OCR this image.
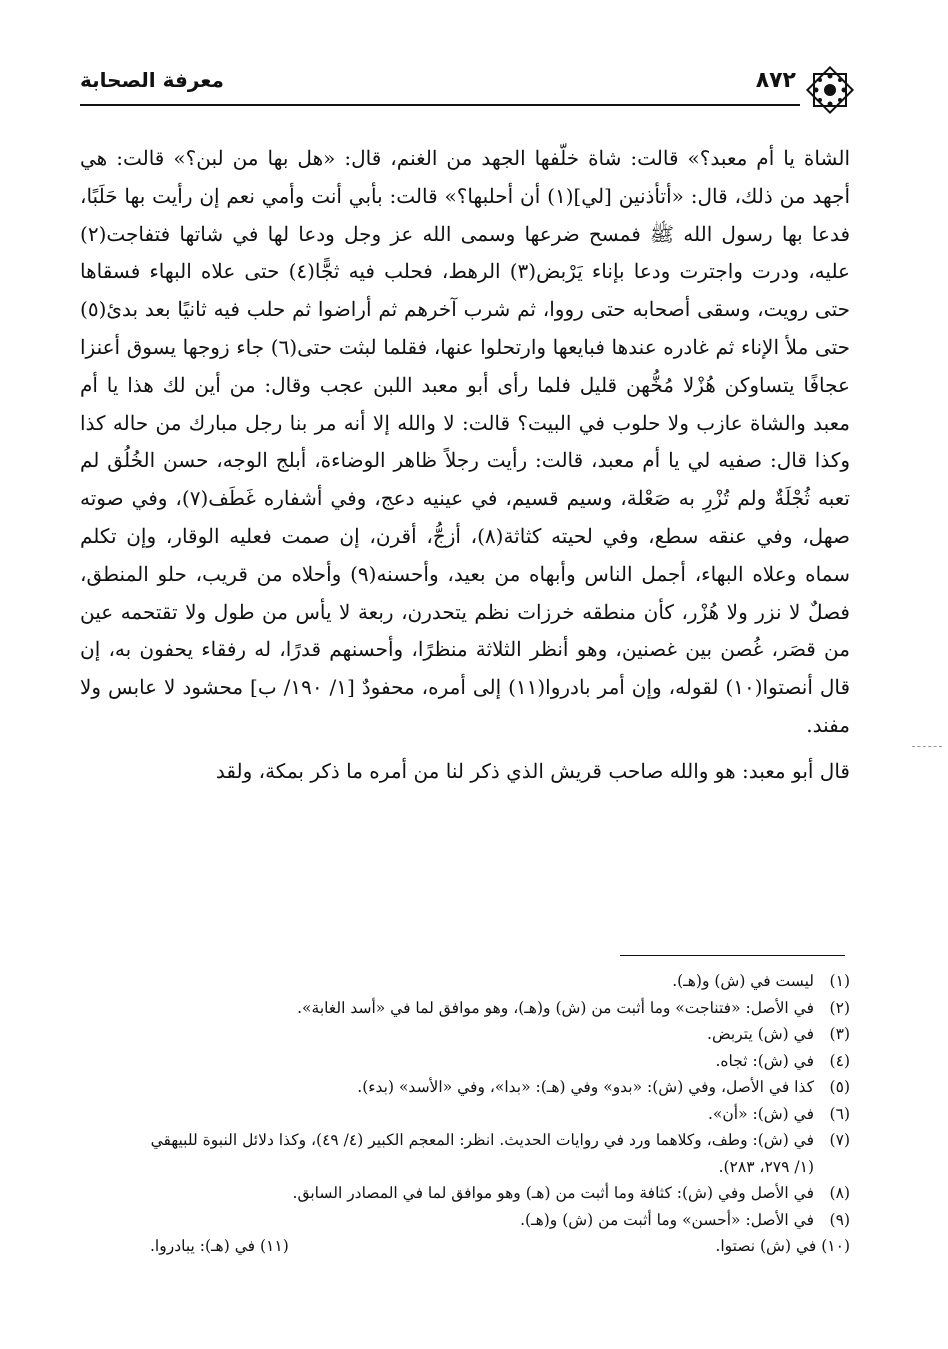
معرفة الصحابة	٨٧٢

الشاة يا أم معبد؟» قالت: شاة خلّفها الجهد من الغنم، قال: «هل بها من لبن؟» قالت: هي أجهد من ذلك، قال: «أتأذنين [لي](١) أن أحلبها؟» قالت: بأبي أنت وأمي نعم إن رأيت بها حَلَبًا، فدعا بها رسول الله ﷺ فمسح ضرعها وسمى الله عز وجل ودعا لها في شاتها فتفاجت(٢) عليه، ودرت واجترت ودعا بإناء يَرْبض(٣) الرهط، فحلب فيه ثجًّا(٤) حتى علاه البهاء فسقاها حتى رويت، وسقى أصحابه حتى رووا، ثم شرب آخرهم ثم أراضوا ثم حلب فيه ثانيًا بعد بدئ(٥) حتى ملأ الإناء ثم غادره عندها فبايعها وارتحلوا عنها، فقلما لبثت حتى(٦) جاء زوجها يسوق أعنزا عجافًا يتساوكن هُزْلا مُخُّهن قليل فلما رأى أبو معبد اللبن عجب وقال: من أين لك هذا يا أم معبد والشاة عازب ولا حلوب في البيت؟ قالت: لا والله إلا أنه مر بنا رجل مبارك من حاله كذا وكذا قال: صفيه لي يا أم معبد، قالت: رأيت رجلاً ظاهر الوضاءة، أبلج الوجه، حسن الخُلُق لم تعبه ثُجْلَةٌ ولم تُزْرِ به صَعْلة، وسيم قسيم، في عينيه دعج، وفي أشفاره غَطَف(٧)، وفي صوته صهل، وفي عنقه سطع، وفي لحيته كثاثة(٨)، أزجُّ، أقرن، إن صمت فعليه الوقار، وإن تكلم سماه وعلاه البهاء، أجمل الناس وأبهاه من بعيد، وأحسنه(٩) وأحلاه من قريب، حلو المنطق، فصلٌ لا نزر ولا هُزْر، كأن منطقه خرزات نظم يتحدرن، ربعة لا يأس من طول ولا تقتحمه عين من قصَر، غُصن بين غصنين، وهو أنظر الثلاثة منظرًا، وأحسنهم قدرًا، له رفقاء يحفون به، إن قال أنصتوا(١٠) لقوله، وإن أمر بادروا(١١) إلى أمره، محفودٌ [١/ ١٩٠/ ب] محشود لا عابس ولا مفند.

قال أبو معبد: هو والله صاحب قريش الذي ذكر لنا من أمره ما ذكر بمكة، ولقد

(١)
ليست في (ش) و(هـ).

(٢)
في الأصل: «فتناجت» وما أثبت من (ش) و(هـ)، وهو موافق لما في «أسد الغابة».

(٣)
في (ش) يتربض.

(٤)
في (ش): ثجاه.

(٥)
كذا في الأصل، وفي (ش): «بدو» وفي (هـ): «بدا»، وفي «الأسد» (بدء).

(٦)
في (ش): «أن».

(٧)
في (ش): وطف، وكلاهما ورد في روايات الحديث. انظر: المعجم الكبير (٤/ ٤٩)، وكذا دلائل النبوة للبيهقي (١/ ٢٧٩، ٢٨٣).

(٨)
في الأصل وفي (ش): كثافة وما أثبت من (هـ) وهو موافق لما في المصادر السابق.

(٩)
في الأصل: «أحسن» وما أثبت من (ش) و(هـ).

(١٠) في (ش) نصتوا.
(١١) في (هـ): يبادروا.
